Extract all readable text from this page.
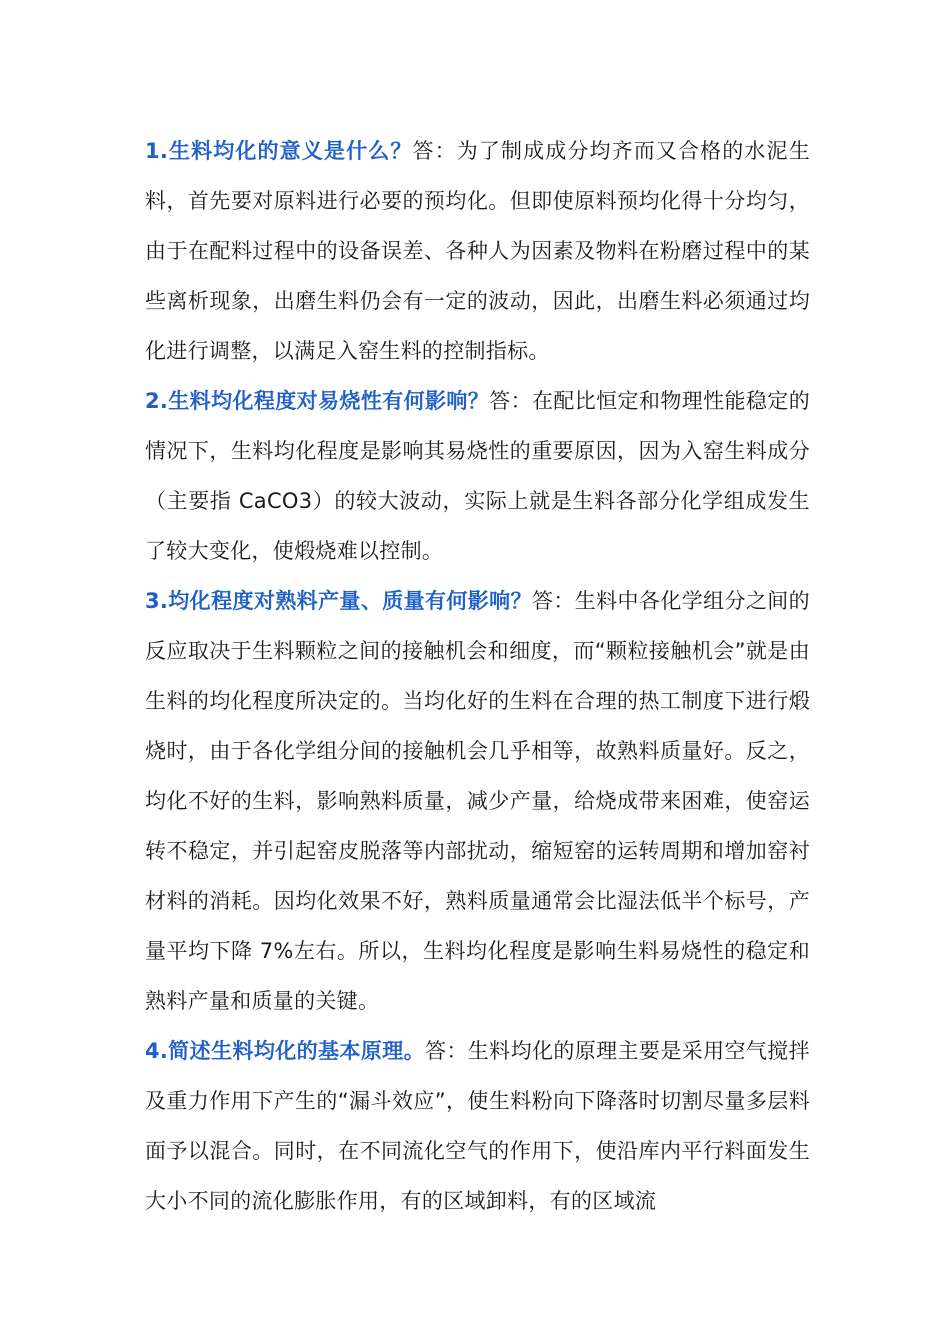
1.生料均化的意义是什么？答：为了制成成分均齐而又合格的水泥生料，首先要对原料进行必要的预均化。但即使原料预均化得十分均匀，由于在配料过程中的设备误差、各种人为因素及物料在粉磨过程中的某些离析现象，出磨生料仍会有一定的波动，因此，出磨生料必须通过均化进行调整，以满足入窑生料的控制指标。

2.生料均化程度对易烧性有何影响？答：在配比恒定和物理性能稳定的情况下，生料均化程度是影响其易烧性的重要原因，因为入窑生料成分（主要指 CaCO3）的较大波动，实际上就是生料各部分化学组成发生了较大变化，使煅烧难以控制。

3.均化程度对熟料产量、质量有何影响？答：生料中各化学组分之间的反应取决于生料颗粒之间的接触机会和细度，而“颗粒接触机会”就是由生料的均化程度所决定的。当均化好的生料在合理的热工制度下进行煅烧时，由于各化学组分间的接触机会几乎相等，故熟料质量好。反之，均化不好的生料，影响熟料质量，减少产量，给烧成带来困难，使窑运转不稳定，并引起窑皮脱落等内部扰动，缩短窑的运转周期和增加窑衬材料的消耗。因均化效果不好，熟料质量通常会比湿法低半个标号，产量平均下降 7%左右。所以，生料均化程度是影响生料易烧性的稳定和熟料产量和质量的关键。

4.简述生料均化的基本原理。答：生料均化的原理主要是采用空气搅拌及重力作用下产生的“漏斗效应”，使生料粉向下降落时切割尽量多层料面予以混合。同时，在不同流化空气的作用下，使沿库内平行料面发生大小不同的流化膨胀作用，有的区域卸料，有的区域流
